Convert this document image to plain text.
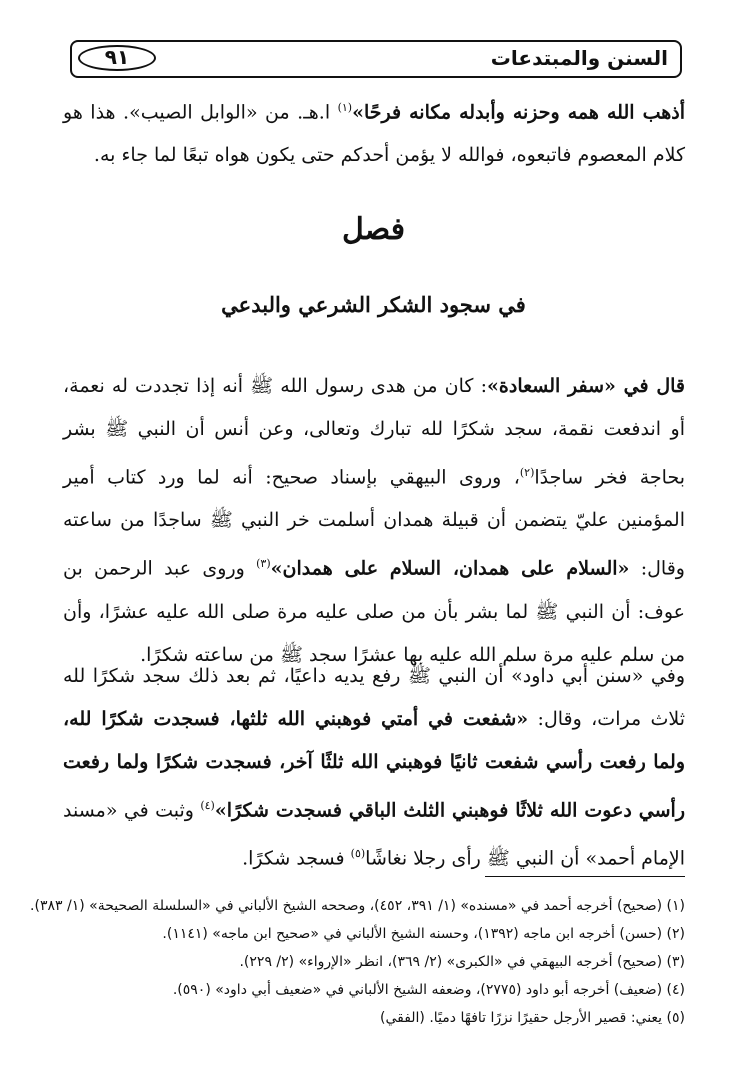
السنن والمبتدعات
٩١
أذهب الله همه وحزنه وأبدله مكانه فرحًا»$^{(١)}$ ا.هـ. من «الوابل الصيب». هذا هو كلام المعصوم فاتبعوه، فوالله لا يؤمن أحدكم حتى يكون هواه تبعًا لما جاء به.
فصل
في سجود الشكر الشرعي والبدعي
قال في «سفر السعادة»: كان من هدى رسول الله ﷺ أنه إذا تجددت له نعمة، أو اندفعت نقمة، سجد شكرًا لله تبارك وتعالى، وعن أنس أن النبي ﷺ بشر بحاجة فخر ساجدًا$^{(٢)}$، وروى البيهقي بإسناد صحيح: أنه لما ورد كتاب أمير المؤمنين عليّ يتضمن أن قبيلة همدان أسلمت خر النبي ﷺ ساجدًا من ساعته وقال: «السلام على همدان، السلام على همدان»$^{(٣)}$ وروى عبد الرحمن بن عوف: أن النبي ﷺ لما بشر بأن من صلى عليه مرة صلى الله عليه عشرًا، وأن من سلم عليه مرة سلم الله عليه بها عشرًا سجد ﷺ من ساعته شكرًا.
وفي «سنن أبي داود» أن النبي ﷺ رفع يديه داعيًا، ثم بعد ذلك سجد شكرًا لله ثلاث مرات، وقال: «شفعت في أمتي فوهبني الله ثلثها، فسجدت شكرًا لله، ولما رفعت رأسي شفعت ثانيًا فوهبني الله ثلثًا آخر، فسجدت شكرًا ولما رفعت رأسي دعوت الله ثلاثًا فوهبني الثلث الباقي فسجدت شكرًا»$^{(٤)}$ وثبت في «مسند الإمام أحمد» أن النبي ﷺ رأى رجلا نغاشًا$^{(٥)}$ فسجد شكرًا.
(١) (صحيح) أخرجه أحمد في «مسنده» (١/ ٣٩١، ٤٥٢)، وصححه الشيخ الألباني في «السلسلة الصحيحة» (١/ ٣٨٣).
(٢) (حسن) أخرجه ابن ماجه (١٣٩٢)، وحسنه الشيخ الألباني في «صحيح ابن ماجه» (١١٤١).
(٣) (صحيح) أخرجه البيهقي في «الكبرى» (٢/ ٣٦٩)، انظر «الإرواء» (٢/ ٢٢٩).
(٤) (ضعيف) أخرجه أبو داود (٢٧٧٥)، وضعفه الشيخ الألباني في «ضعيف أبي داود» (٥٩٠).
(٥) يعني: قصير الأرجل حقيرًا نزرًا تافهًا دميًا. (الفقي)
